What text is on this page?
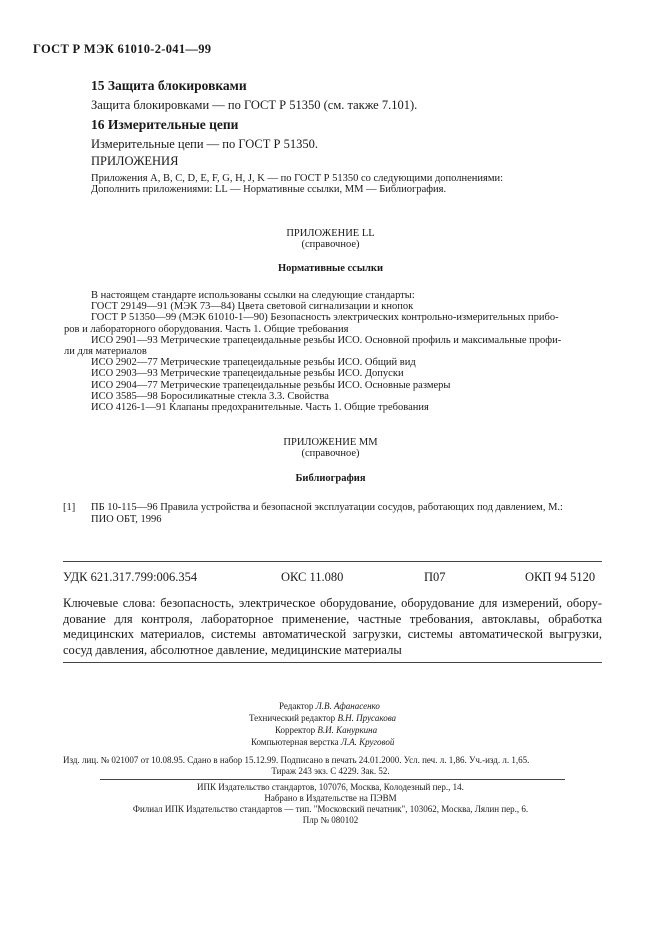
ГОСТ Р МЭК 61010-2-041—99
15 Защита блокировками
Защита блокировками — по ГОСТ Р 51350 (см. также 7.101).
16 Измерительные цепи
Измерительные цепи — по ГОСТ Р 51350.
ПРИЛОЖЕНИЯ
Приложения А, В, С, D, Е, F, G, H, J, K — по ГОСТ Р 51350 со следующими дополнениями:
Дополнить приложениями: LL — Нормативные ссылки, ММ — Библиография.
ПРИЛОЖЕНИЕ LL
(справочное)
Нормативные ссылки
В настоящем стандарте использованы ссылки на следующие стандарты:
ГОСТ 29149—91 (МЭК 73—84) Цвета световой сигнализации и кнопок
ГОСТ Р 51350—99 (МЭК 61010-1—90) Безопасность электрических контрольно-измерительных прибо-
ров и лабораторного оборудования. Часть 1. Общие требования
ИСО 2901—93 Метрические трапецеидальные резьбы ИСО. Основной профиль и максимальные профи-
ли для материалов
ИСО 2902—77 Метрические трапецеидальные резьбы ИСО. Общий вид
ИСО 2903—93 Метрические трапецеидальные резьбы ИСО. Допуски
ИСО 2904—77 Метрические трапецеидальные резьбы ИСО. Основные размеры
ИСО 3585—98 Боросиликатные стекла 3.3. Свойства
ИСО 4126-1—91 Клапаны предохранительные. Часть 1. Общие требования
ПРИЛОЖЕНИЕ ММ
(справочное)
Библиография
[1] ПБ 10-115—96 Правила устройства и безопасной эксплуатации сосудов, работающих под давлением, М.:
ПИО ОБТ, 1996
УДК 621.317.799:006.354	ОКС 11.080	П07	ОКП 94 5120
Ключевые слова: безопасность, электрическое оборудование, оборудование для измерений, обору-
дование для контроля, лабораторное применение, частные требования, автоклавы, обработка
медицинских материалов, системы автоматической загрузки, системы автоматической выгрузки,
сосуд давления, абсолютное давление, медицинские материалы
Редактор Л.В. Афанасенко
Технический редактор В.Н. Прусакова
Корректор В.И. Кануркина
Компьютерная верстка Л.А. Круговой
Изд. лиц. № 021007 от 10.08.95. Сдано в набор 15.12.99. Подписано в печать 24.01.2000. Усл. печ. л. 1,86. Уч.-изд. л. 1,65.
Тираж 243 экз. С 4229. Зак. 52.
ИПК Издательство стандартов, 107076, Москва, Колодезный пер., 14.
Набрано в Издательстве на ПЭВМ
Филиал ИПК Издательство стандартов — тип. "Московский печатник", 103062, Москва, Лялин пер., 6.
Плр № 080102
